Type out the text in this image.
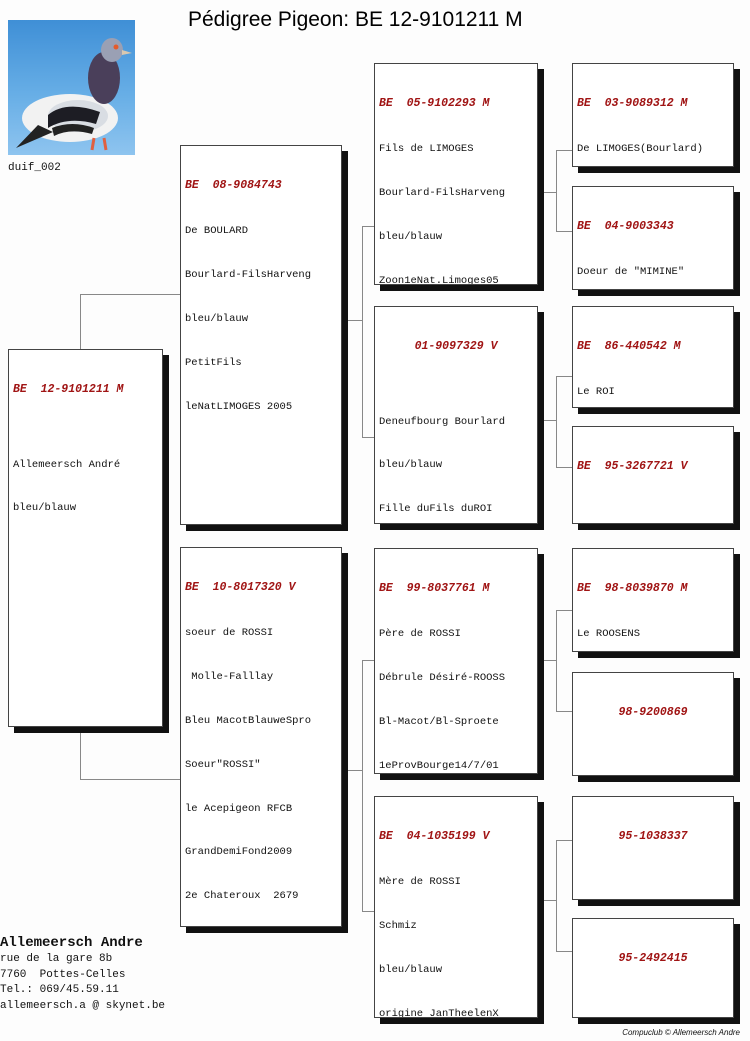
Pédigree Pigeon: BE 12-9101211 M
duif_002

BE  12-9101211 M

Allemeersch André

bleu/blauw

BE  08-9084743

De BOULARD

Bourlard-FilsHarveng

bleu/blauw

PetitFils

leNatLIMOGES 2005

BE  10-8017320 V

soeur de ROSSI

Molle-Falllay

Bleu MacotBlauweSpro

Soeur"ROSSI"

le Acepigeon RFCB

GrandDemiFond2009

2e Chateroux  2679

BE  05-9102293 M

Fils de LIMOGES

Bourlard-FilsHarveng

bleu/blauw

Zoon1eNat.Limoges05

01-9097329 V

Deneufbourg Bourlard

bleu/blauw

Fille duFils duROI

BE  99-8037761 M

Père de ROSSI

Débrule Désiré-ROOSS

Bl-Macot/Bl-Sproete

1eProvBourge14/7/01

BE  04-1035199 V

Mère de ROSSI

Schmiz

bleu/blauw

origine JanTheelenX

BE  03-9089312 M

De LIMOGES(Bourlard)

BE  04-9003343

Doeur de "MIMINE"

BE  86-440542 M

Le ROI

BE  95-3267721 V

BE  98-8039870 M

Le ROOSENS

98-9200869

95-1038337

95-2492415

Allemeersch Andre
rue de la gare 8b
7760  Pottes-Celles
Tel.: 069/45.59.11
allemeersch.a @ skynet.be
Compuclub © Allemeersch Andre
